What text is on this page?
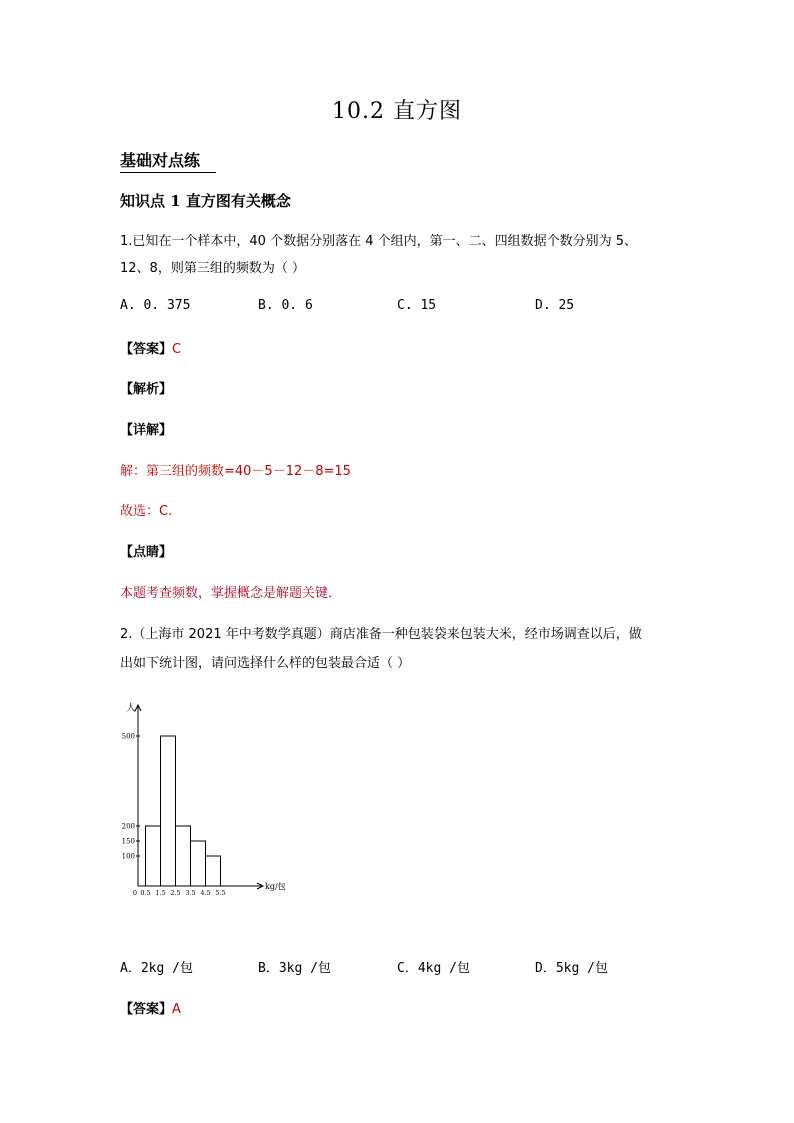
10.2 直方图
基础对点练
知识点 1 直方图有关概念
1.已知在一个样本中，40 个数据分别落在 4 个组内，第一、二、四组数据个数分别为 5、
12、8，则第三组的频数为（ ）
A. 0. 375	B. 0. 6	C. 15	D. 25
【答案】C
【解析】
【详解】
解：第三组的频数=40－5－12－8=15
故选：C.
【点睛】
本题考查频数，掌握概念是解题关键．
2.（上海市 2021 年中考数学真题）商店准备一种包装袋来包装大米，经市场调查以后，做
出如下统计图，请问选择什么样的包装最合适（ ）
人
kg/包
100
150
200
500
0 0.5 1.5 2.5 3.5 4.5 5.5
A．2kg /包	B．3kg /包	C．4kg /包	D．5kg /包
【答案】A
